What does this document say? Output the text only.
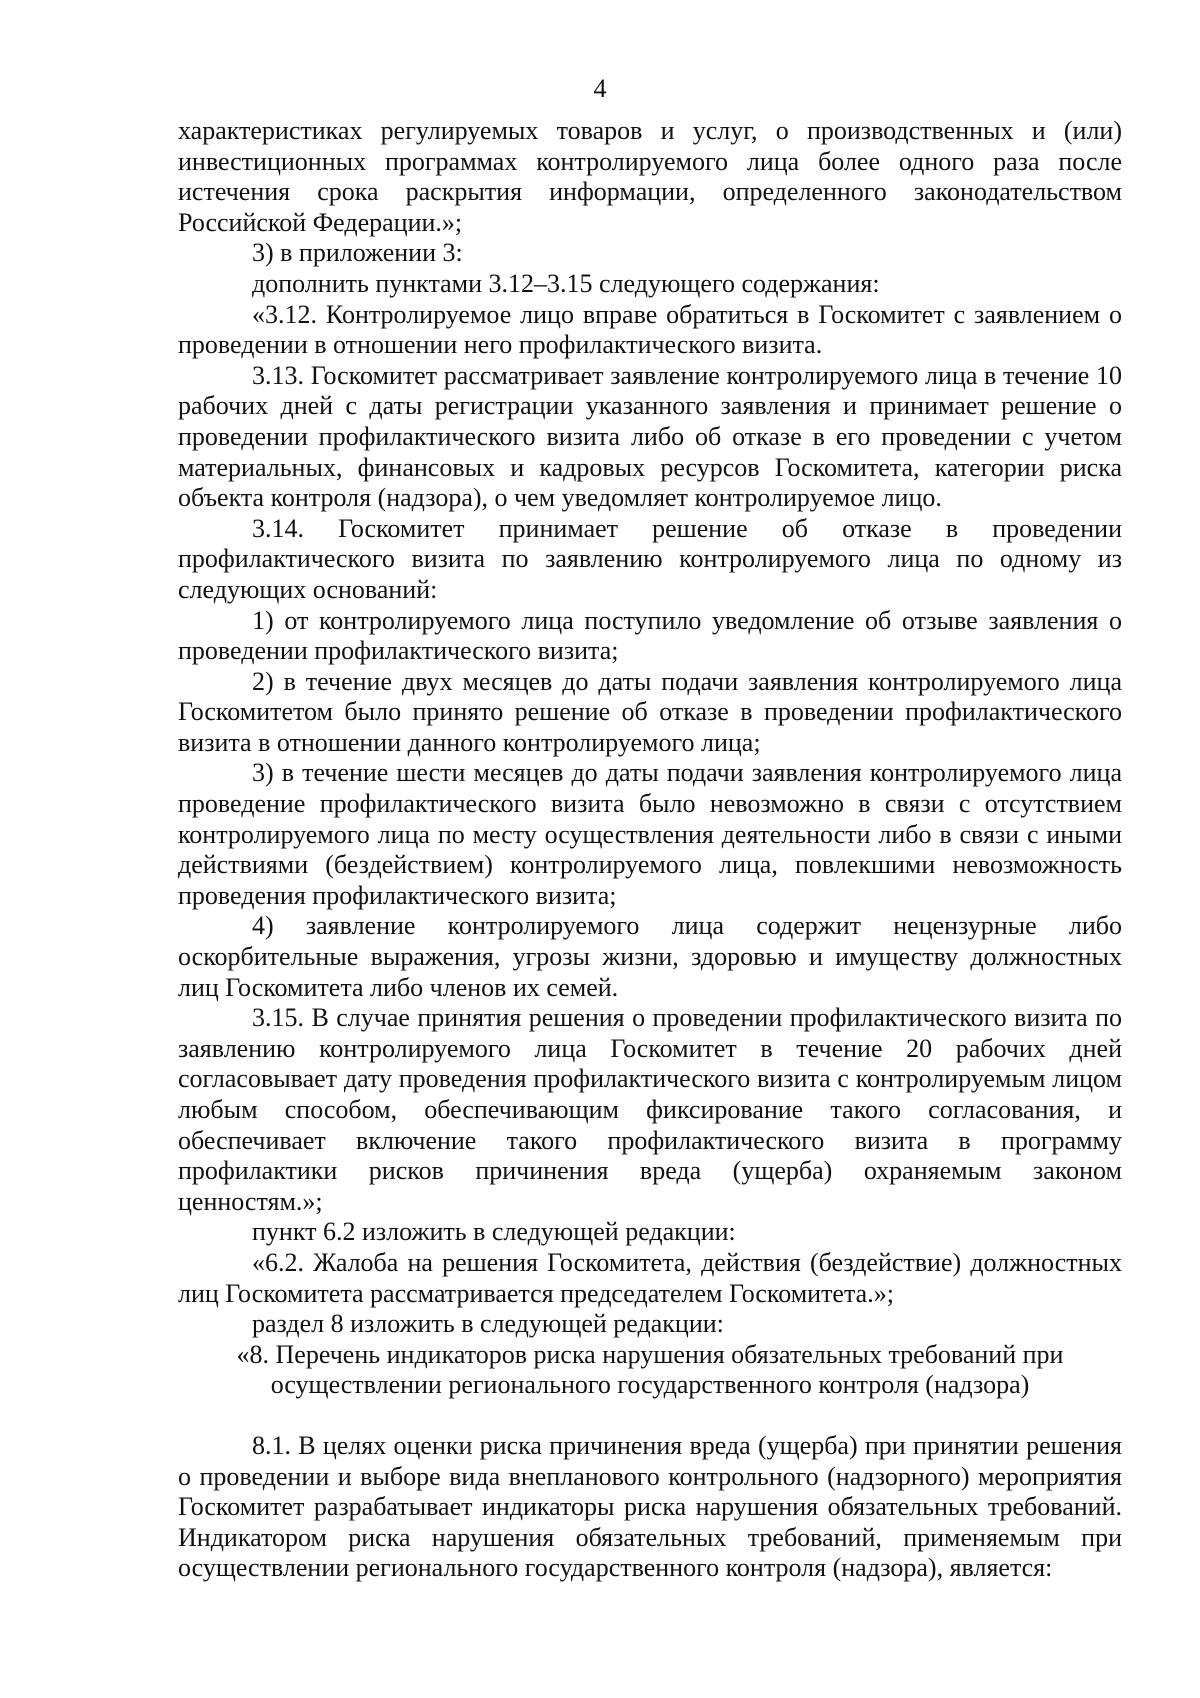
4

характеристиках регулируемых товаров и услуг, о производственных и (или) инвестиционных программах контролируемого лица более одного раза после истечения срока раскрытия информации, определенного законодательством Российской Федерации.»;

3) в приложении 3:

дополнить пунктами 3.12–3.15 следующего содержания:

«3.12. Контролируемое лицо вправе обратиться в Госкомитет с заявлением о проведении в отношении него профилактического визита.

3.13. Госкомитет рассматривает заявление контролируемого лица в течение 10 рабочих дней с даты регистрации указанного заявления и принимает решение о проведении профилактического визита либо об отказе в его проведении с учетом материальных, финансовых и кадровых ресурсов Госкомитета, категории риска объекта контроля (надзора), о чем уведомляет контролируемое лицо.

3.14. Госкомитет принимает решение об отказе в проведении профилактического визита по заявлению контролируемого лица по одному из следующих оснований:

1) от контролируемого лица поступило уведомление об отзыве заявления о проведении профилактического визита;

2) в течение двух месяцев до даты подачи заявления контролируемого лица Госкомитетом было принято решение об отказе в проведении профилактического визита в отношении данного контролируемого лица;

3) в течение шести месяцев до даты подачи заявления контролируемого лица проведение профилактического визита было невозможно в связи с отсутствием контролируемого лица по месту осуществления деятельности либо в связи с иными действиями (бездействием) контролируемого лица, повлекшими невозможность проведения профилактического визита;

4) заявление контролируемого лица содержит нецензурные либо оскорбительные выражения, угрозы жизни, здоровью и имуществу должностных лиц Госкомитета либо членов их семей.

3.15. В случае принятия решения о проведении профилактического визита по заявлению контролируемого лица Госкомитет в течение 20 рабочих дней согласовывает дату проведения профилактического визита с контролируемым лицом любым способом, обеспечивающим фиксирование такого согласования, и обеспечивает включение такого профилактического визита в программу профилактики рисков причинения вреда (ущерба) охраняемым законом ценностям.»;

пункт 6.2 изложить в следующей редакции:

«6.2. Жалоба на решения Госкомитета, действия (бездействие) должностных лиц Госкомитета рассматривается председателем Госкомитета.»;

раздел 8 изложить в следующей редакции:

«8. Перечень индикаторов риска нарушения обязательных требований при осуществлении регионального государственного контроля (надзора)

8.1. В целях оценки риска причинения вреда (ущерба) при принятии решения о проведении и выборе вида внепланового контрольного (надзорного) мероприятия Госкомитет разрабатывает индикаторы риска нарушения обязательных требований. Индикатором риска нарушения обязательных требований, применяемым при осуществлении регионального государственного контроля (надзора), является:
